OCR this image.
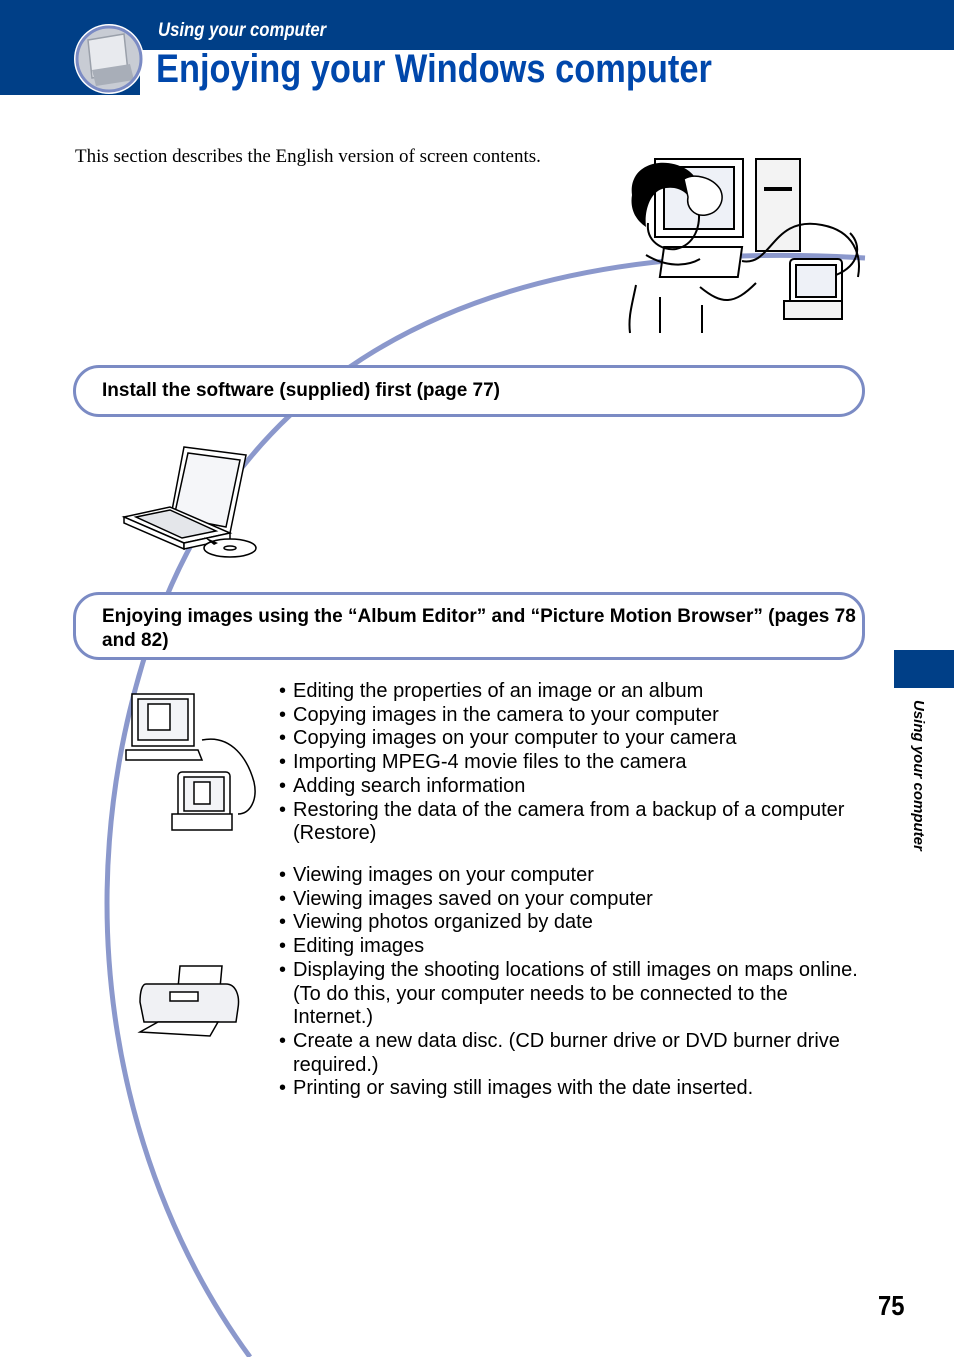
Using your computer
Enjoying your Windows computer
This section describes the English version of screen contents.
Install the software (supplied) first (page 77)
Enjoying images using the “Album Editor” and “Picture Motion Browser” (pages 78 and 82)
• Editing the properties of an image or an album
• Copying images in the camera to your computer
• Copying images on your computer to your camera
• Importing MPEG-4 movie files to the camera
• Adding search information
• Restoring the data of the camera from a backup of a computer (Restore)
• Viewing images on your computer
• Viewing images saved on your computer
• Viewing photos organized by date
• Editing images
• Displaying the shooting locations of still images on maps online. (To do this, your computer needs to be connected to the Internet.)
• Create a new data disc. (CD burner drive or DVD burner drive required.)
• Printing or saving still images with the date inserted.
Using your computer
75
